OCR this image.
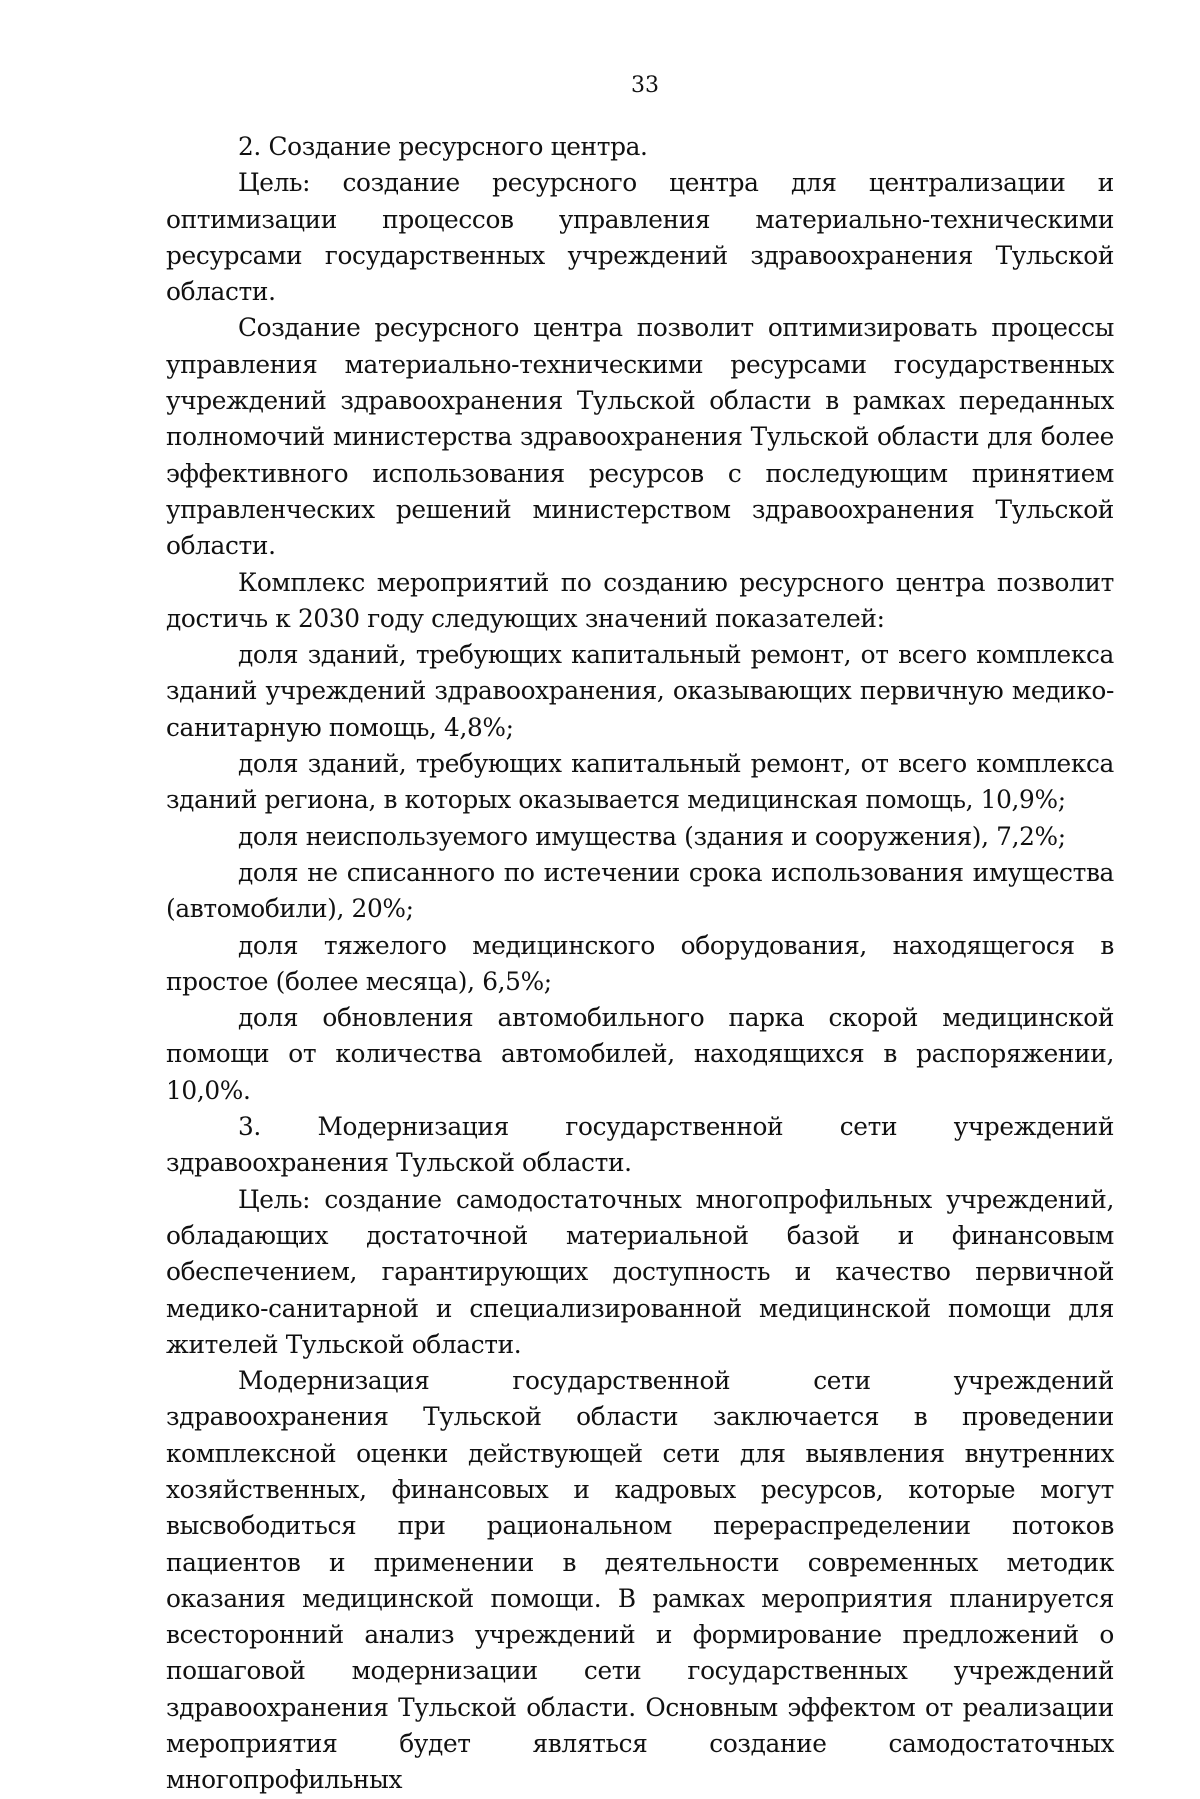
33

2. Создание ресурсного центра.

Цель: создание ресурсного центра для централизации и оптимизации процессов управления материально-техническими ресурсами государственных учреждений здравоохранения Тульской области.

Создание ресурсного центра позволит оптимизировать процессы управления материально-техническими ресурсами государственных учреждений здравоохранения Тульской области в рамках переданных полномочий министерства здравоохранения Тульской области для более эффективного использования ресурсов с последующим принятием управленческих решений министерством здравоохранения Тульской области.

Комплекс мероприятий по созданию ресурсного центра позволит достичь к 2030 году следующих значений показателей:

доля зданий, требующих капитальный ремонт, от всего комплекса зданий учреждений здравоохранения, оказывающих первичную медико-санитарную помощь, 4,8%;

доля зданий, требующих капитальный ремонт, от всего комплекса зданий региона, в которых оказывается медицинская помощь, 10,9%;

доля неиспользуемого имущества (здания и сооружения), 7,2%;

доля не списанного по истечении срока использования имущества (автомобили), 20%;

доля тяжелого медицинского оборудования, находящегося в простое (более месяца), 6,5%;

доля обновления автомобильного парка скорой медицинской помощи от количества автомобилей, находящихся в распоряжении, 10,0%.

3. Модернизация государственной сети учреждений здравоохранения Тульской области.

Цель: создание самодостаточных многопрофильных учреждений, обладающих достаточной материальной базой и финансовым обеспечением, гарантирующих доступность и качество первичной медико-санитарной и специализированной медицинской помощи для жителей Тульской области.

Модернизация государственной сети учреждений здравоохранения Тульской области заключается в проведении комплексной оценки действующей сети для выявления внутренних хозяйственных, финансовых и кадровых ресурсов, которые могут высвободиться при рациональном перераспределении потоков пациентов и применении в деятельности современных методик оказания медицинской помощи. В рамках мероприятия планируется всесторонний анализ учреждений и формирование предложений о пошаговой модернизации сети государственных учреждений здравоохранения Тульской области. Основным эффектом от реализации мероприятия будет являться создание самодостаточных многопрофильных
